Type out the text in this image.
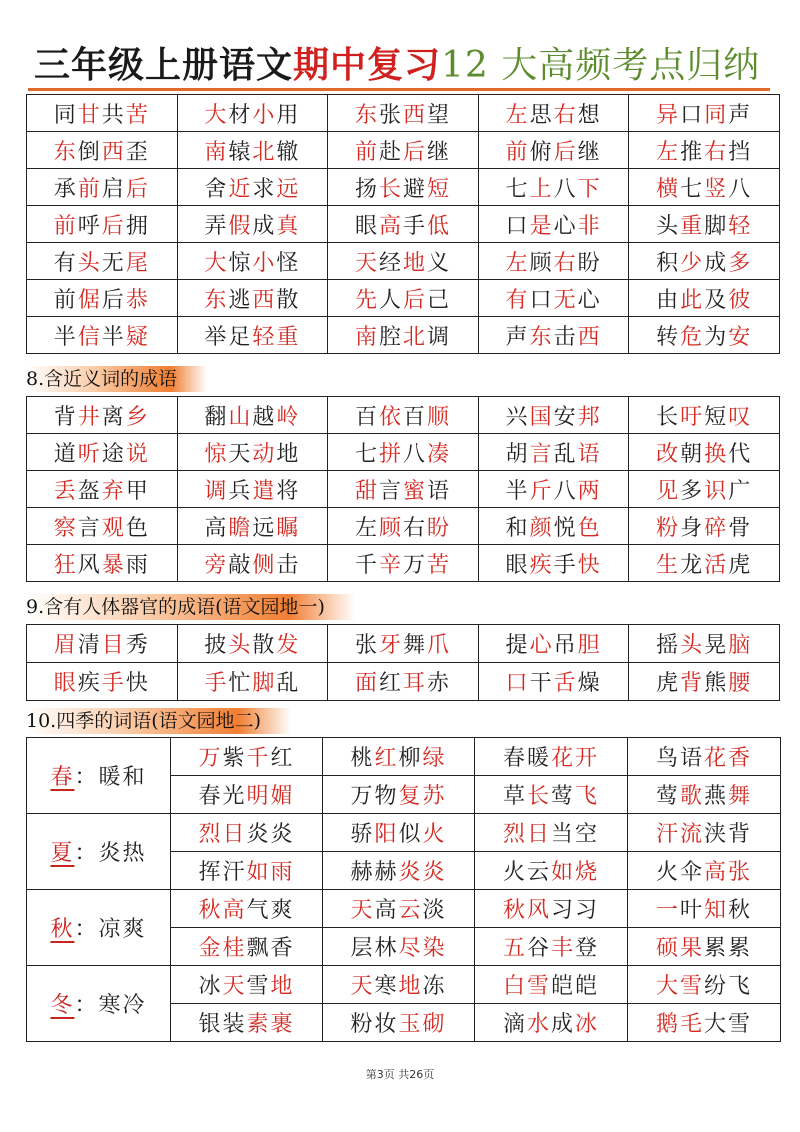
三年级上册语文期中复习12 大高频考点归纳
同甘共苦	大材小用	东张西望	左思右想	异口同声
东倒西歪	南辕北辙	前赴后继	前俯后继	左推右挡
承前启后	舍近求远	扬长避短	七上八下	横七竖八
前呼后拥	弄假成真	眼高手低	口是心非	头重脚轻
有头无尾	大惊小怪	天经地义	左顾右盼	积少成多
前倨后恭	东逃西散	先人后己	有口无心	由此及彼
半信半疑	举足轻重	南腔北调	声东击西	转危为安
8.含近义词的成语
背井离乡	翻山越岭	百依百顺	兴国安邦	长吁短叹
道听途说	惊天动地	七拼八凑	胡言乱语	改朝换代
丢盔弃甲	调兵遣将	甜言蜜语	半斤八两	见多识广
察言观色	高瞻远瞩	左顾右盼	和颜悦色	粉身碎骨
狂风暴雨	旁敲侧击	千辛万苦	眼疾手快	生龙活虎
9.含有人体器官的成语(语文园地一)
眉清目秀	披头散发	张牙舞爪	提心吊胆	摇头晃脑
眼疾手快	手忙脚乱	面红耳赤	口干舌燥	虎背熊腰
10.四季的词语(语文园地二)
春：暖和	万紫千红	桃红柳绿	春暖花开	鸟语花香
	春光明媚	万物复苏	草长莺飞	莺歌燕舞
夏：炎热	烈日炎炎	骄阳似火	烈日当空	汗流浃背
	挥汗如雨	赫赫炎炎	火云如烧	火伞高张
秋：凉爽	秋高气爽	天高云淡	秋风习习	一叶知秋
	金桂飘香	层林尽染	五谷丰登	硕果累累
冬：寒冷	冰天雪地	天寒地冻	白雪皑皑	大雪纷飞
	银装素裹	粉妆玉砌	滴水成冰	鹅毛大雪
第3页 共26页
